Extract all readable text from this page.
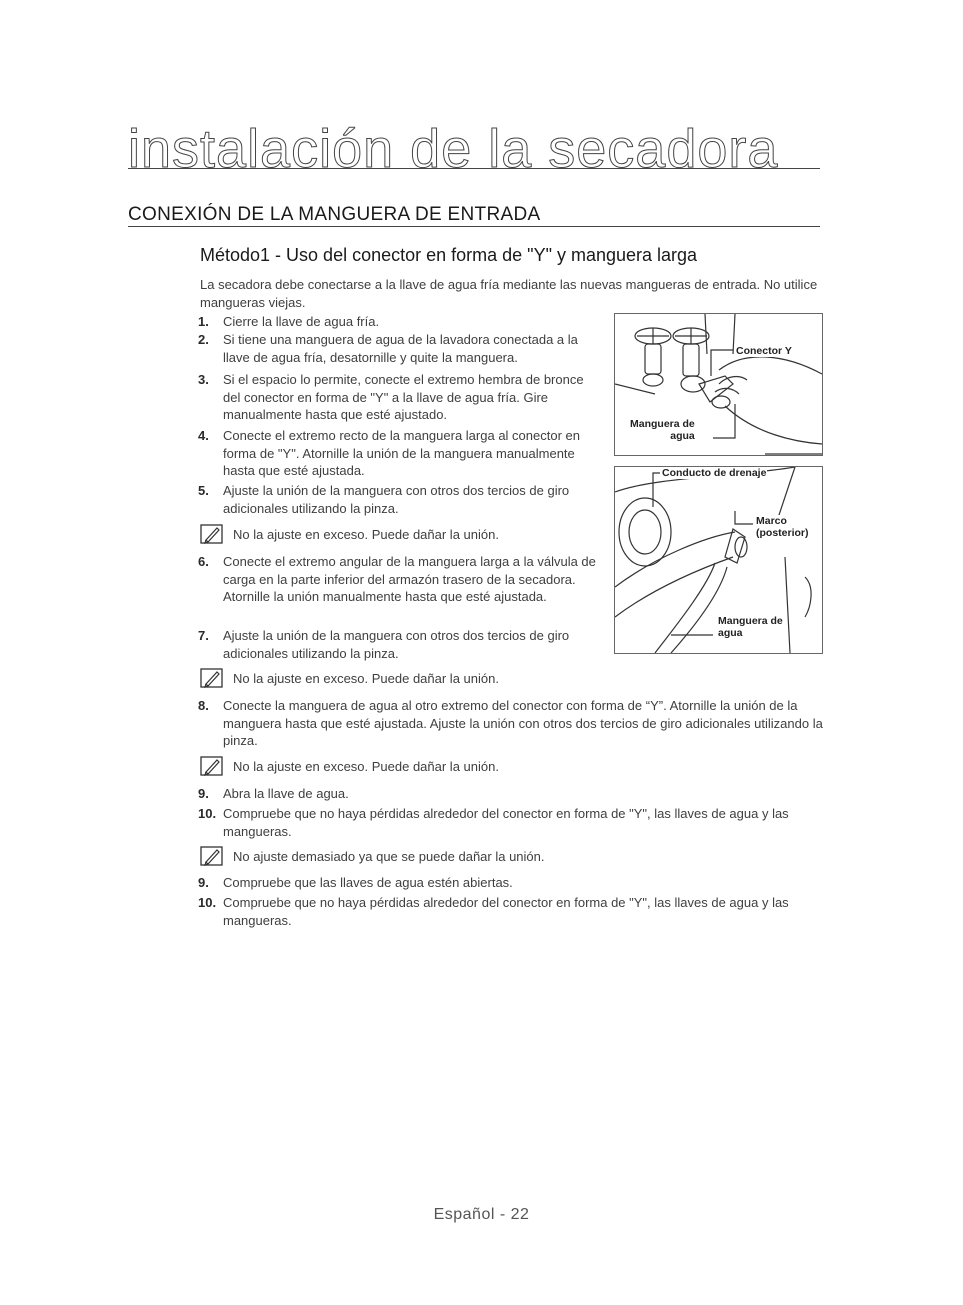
instalación de la secadora
CONEXIÓN DE LA MANGUERA DE ENTRADA
Método1 - Uso del conector en forma de "Y" y manguera larga
La secadora debe conectarse a la llave de agua fría mediante las nuevas mangueras de entrada. No utilice mangueras viejas.
1. Cierre la llave de agua fría.
2. Si tiene una manguera de agua de la lavadora conectada a la llave de agua fría, desatornille y quite la manguera.
3. Si el espacio lo permite, conecte el extremo hembra de bronce del conector en forma de "Y" a la llave de agua fría. Gire manualmente hasta que esté ajustado.
4. Conecte el extremo recto de la manguera larga al conector en forma de "Y". Atornille la unión de la manguera manualmente hasta que esté ajustada.
5. Ajuste la unión de la manguera con otros dos tercios de giro adicionales utilizando la pinza.
No la ajuste en exceso. Puede dañar la unión.
6. Conecte el extremo angular de la manguera larga a la válvula de carga en la parte inferior del armazón trasero de la secadora. Atornille la unión manualmente hasta que esté ajustada.
7. Ajuste la unión de la manguera con otros dos tercios de giro adicionales utilizando la pinza.
No la ajuste en exceso. Puede dañar la unión.
8. Conecte la manguera de agua al otro extremo del conector con forma de “Y”. Atornille la unión de la manguera hasta que esté ajustada. Ajuste la unión con otros dos tercios de giro adicionales utilizando la pinza.
No la ajuste en exceso. Puede dañar la unión.
9. Abra la llave de agua.
10. Compruebe que no haya pérdidas alrededor del conector en forma de "Y", las llaves de agua y las mangueras.
No ajuste demasiado ya que se puede dañar la unión.
9. Compruebe que las llaves de agua estén abiertas.
10. Compruebe que no haya pérdidas alrededor del conector en forma de "Y", las llaves de agua y las mangueras.
Conector Y
Manguera de
agua
Conducto de drenaje
Marco
(posterior)
Manguera de
agua
Español - 22
